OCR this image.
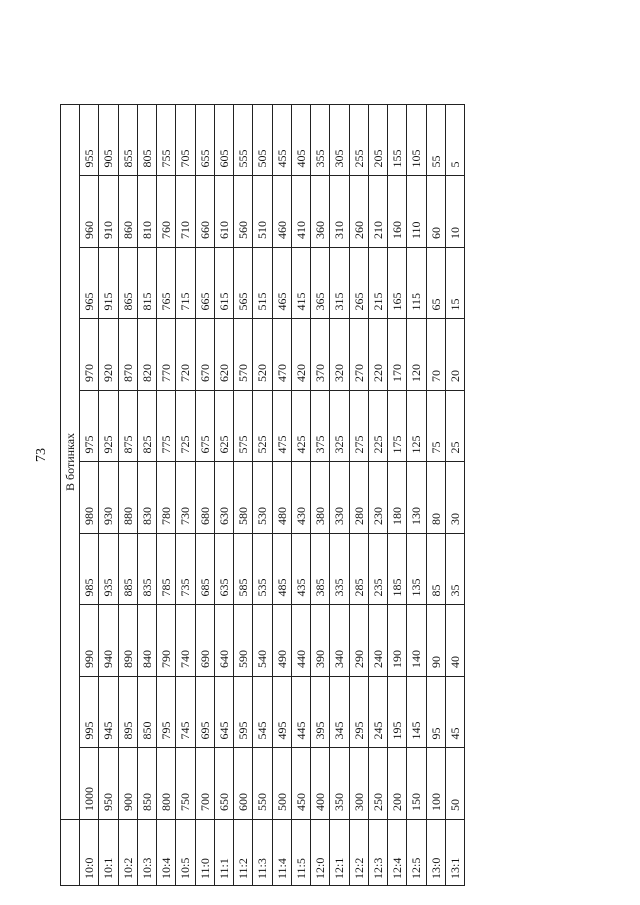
73
	В ботинках									
10:0	1000	995	990	985	980	975	970	965	960	955
10:1	950	945	940	935	930	925	920	915	910	905
10:2	900	895	890	885	880	875	870	865	860	855
10:3	850	850	840	835	830	825	820	815	810	805
10:4	800	795	790	785	780	775	770	765	760	755
10:5	750	745	740	735	730	725	720	715	710	705
11:0	700	695	690	685	680	675	670	665	660	655
11:1	650	645	640	635	630	625	620	615	610	605
11:2	600	595	590	585	580	575	570	565	560	555
11:3	550	545	540	535	530	525	520	515	510	505
11:4	500	495	490	485	480	475	470	465	460	455
11:5	450	445	440	435	430	425	420	415	410	405
12:0	400	395	390	385	380	375	370	365	360	355
12:1	350	345	340	335	330	325	320	315	310	305
12:2	300	295	290	285	280	275	270	265	260	255
12:3	250	245	240	235	230	225	220	215	210	205
12:4	200	195	190	185	180	175	170	165	160	155
12:5	150	145	140	135	130	125	120	115	110	105
13:0	100	95	90	85	80	75	70	65	60	55
13:1	50	45	40	35	30	25	20	15	10	5
